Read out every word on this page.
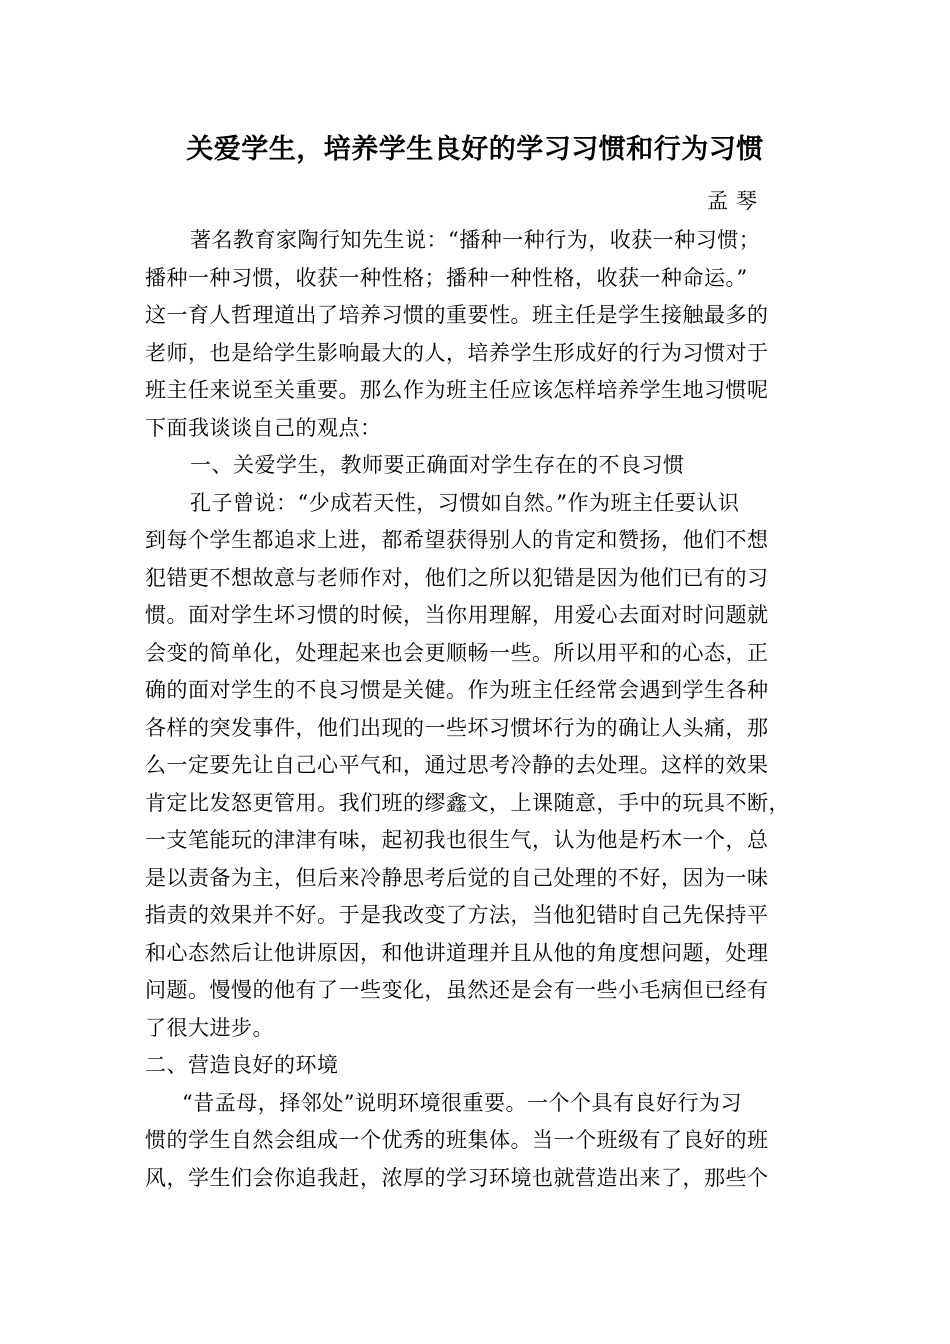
关爱学生，培养学生良好的学习习惯和行为习惯
孟琴
著名教育家陶行知先生说：“播种一种行为，收获一种习惯；
播种一种习惯，收获一种性格；播种一种性格，收获一种命运。”
这一育人哲理道出了培养习惯的重要性。班主任是学生接触最多的
老师，也是给学生影响最大的人，培养学生形成好的行为习惯对于
班主任来说至关重要。那么作为班主任应该怎样培养学生地习惯呢
下面我谈谈自己的观点：
一、关爱学生，教师要正确面对学生存在的不良习惯
孔子曾说：“少成若天性，习惯如自然。”作为班主任要认识
到每个学生都追求上进，都希望获得别人的肯定和赞扬，他们不想
犯错更不想故意与老师作对，他们之所以犯错是因为他们已有的习
惯。面对学生坏习惯的时候，当你用理解，用爱心去面对时问题就
会变的简单化，处理起来也会更顺畅一些。所以用平和的心态，正
确的面对学生的不良习惯是关健。作为班主任经常会遇到学生各种
各样的突发事件，他们出现的一些坏习惯坏行为的确让人头痛，那
么一定要先让自己心平气和，通过思考冷静的去处理。这样的效果
肯定比发怒更管用。我们班的缪鑫文，上课随意，手中的玩具不断，
一支笔能玩的津津有味，起初我也很生气，认为他是朽木一个，总
是以责备为主，但后来冷静思考后觉的自己处理的不好，因为一味
指责的效果并不好。于是我改变了方法，当他犯错时自己先保持平
和心态然后让他讲原因，和他讲道理并且从他的角度想问题，处理
问题。慢慢的他有了一些变化，虽然还是会有一些小毛病但已经有
了很大进步。
二、营造良好的环境
“昔孟母，择邻处”说明环境很重要。一个个具有良好行为习
惯的学生自然会组成一个优秀的班集体。当一个班级有了良好的班
风，学生们会你追我赶，浓厚的学习环境也就营造出来了，那些个
